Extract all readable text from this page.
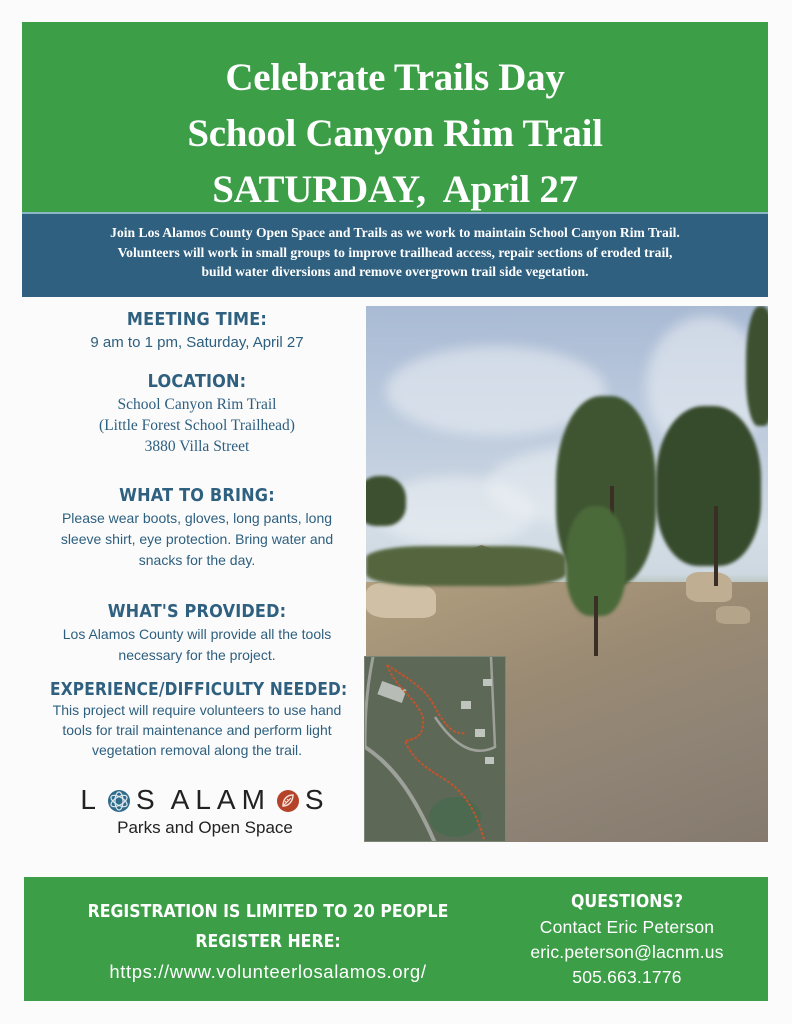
Celebrate Trails Day
School Canyon Rim Trail
SATURDAY,  April 27
Join Los Alamos County Open Space and Trails as we work to maintain School Canyon Rim Trail.
Volunteers will work in small groups to improve trailhead access, repair sections of eroded trail,
build water diversions and remove overgrown trail side vegetation.
MEETING TIME:
9 am to 1 pm, Saturday, April 27
LOCATION:
School Canyon Rim Trail
(Little Forest School Trailhead)
3880 Villa Street
WHAT TO BRING:
Please wear boots, gloves, long pants, long
sleeve shirt, eye protection. Bring water and
snacks for the day.
WHAT'S PROVIDED:
Los Alamos County will provide all the tools
necessary for the project.
EXPERIENCE/DIFFICULTY NEEDED:
This project will require volunteers to use hand
tools for trail maintenance and perform light
vegetation removal along the trail.
L S A L A M S
Parks and Open Space
REGISTRATION IS LIMITED TO 20 PEOPLE
REGISTER HERE:
https://www.volunteerlosalamos.org/
QUESTIONS?
Contact Eric Peterson
eric.peterson@lacnm.us
505.663.1776
